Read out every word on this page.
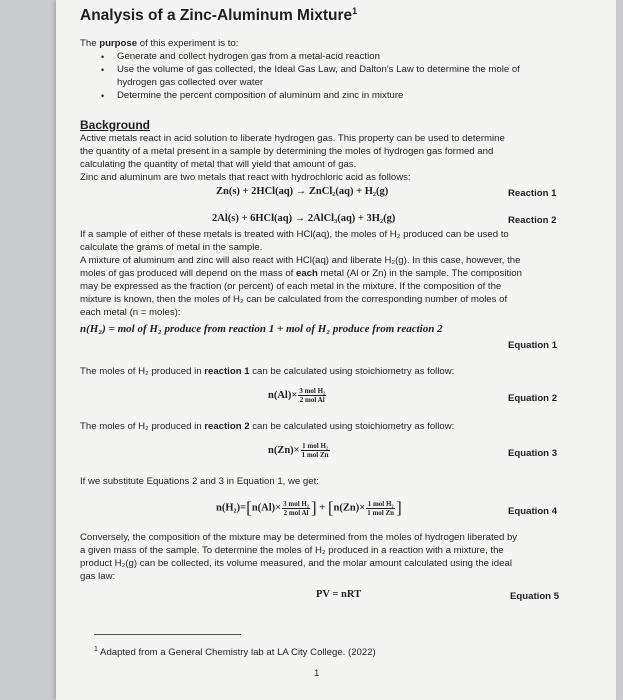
Analysis of a Zinc-Aluminum Mixture$^1$
The purpose of this experiment is to:
• Generate and collect hydrogen gas from a metal-acid reaction
• Use the volume of gas collected, the Ideal Gas Law, and Dalton's Law to determine the mole of
hydrogen gas collected over water
• Determine the percent composition of aluminum and zinc in mixture
Background
Active metals react in acid solution to liberate hydrogen gas. This property can be used to determine
the quantity of a metal present in a sample by determining the moles of hydrogen gas formed and
calculating the quantity of metal that will yield that amount of gas.
Zinc and aluminum are two metals that react with hydrochloric acid as follows:
Zn(s) + 2HCl(aq) → ZnCl₂(aq) + H₂(g)	Reaction 1
2Al(s) + 6HCl(aq) → 2AlCl₃(aq) + 3H₂(g)	Reaction 2
If a sample of either of these metals is treated with HCl(aq), the moles of H₂ produced can be used to
calculate the grams of metal in the sample.
A mixture of aluminum and zinc will also react with HCl(aq) and liberate H₂(g). In this case, however, the
moles of gas produced will depend on the mass of each metal (Al or Zn) in the sample. The composition
may be expressed as the fraction (or percent) of each metal in the mixture. If the composition of the
mixture is known, then the moles of H₂ can be calculated from the corresponding number of moles of
each metal (n = moles):
n(H₂) = mol of H₂ produce from reaction 1 + mol of H₂ produce from reaction 2
Equation 1
The moles of H₂ produced in reaction 1 can be calculated using stoichiometry as follow:
$n(Al)\times \frac{\text{3 mol H₂}}{\text{2 mol Al}}$	Equation 2
The moles of H₂ produced in reaction 2 can be calculated using stoichiometry as follow:
$n(Zn)\times \frac{\text{1 mol H₂}}{\text{1 mol Zn}}$	Equation 3
If we substitute Equations 2 and 3 in Equation 1, we get:
$n(H_2)=[n(Al)\times \frac{\text{3 mol H₂}}{\text{2 mol Al}}$ ] + [$n(Zn)\times \frac{\text{1 mol H₂}}{\text{1 mol Zn}}$ ]	Equation 4
Conversely, the composition of the mixture may be determined from the moles of hydrogen liberated by
a given mass of the sample. To determine the moles of H₂ produced in a reaction with a mixture, the
product H₂(g) can be collected, its volume measured, and the molar amount calculated using the ideal
gas law:
PV = nRT	Equation 5
$^1$ Adapted from a General Chemistry lab at LA City College. (2022)
1
